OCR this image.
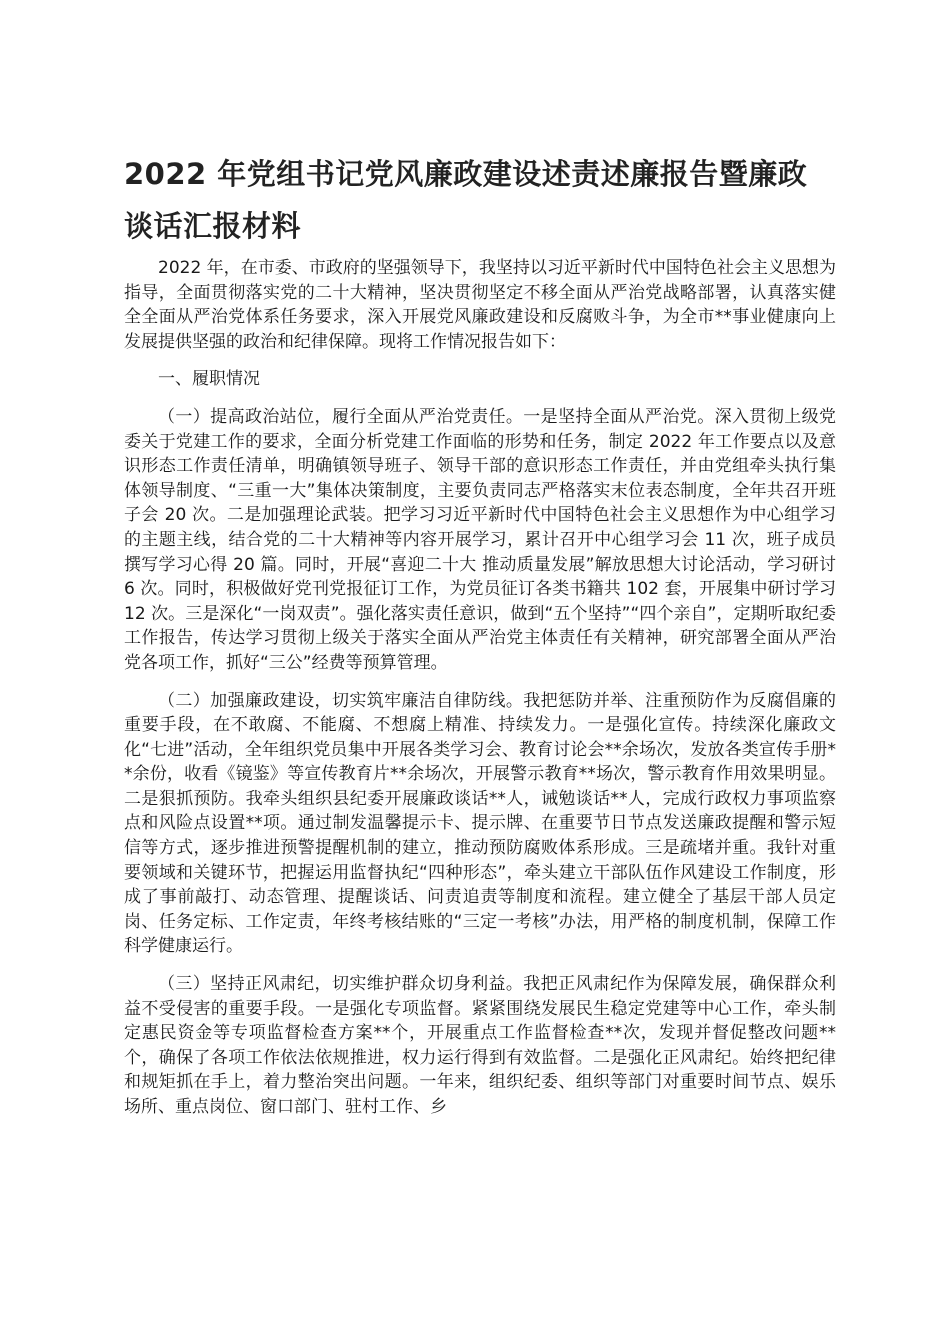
2022 年党组书记党风廉政建设述责述廉报告暨廉政谈话汇报材料

2022 年，在市委、市政府的坚强领导下，我坚持以习近平新时代中国特色社会主义思想为指导，全面贯彻落实党的二十大精神，坚决贯彻坚定不移全面从严治党战略部署，认真落实健全全面从严治党体系任务要求，深入开展党风廉政建设和反腐败斗争，为全市**事业健康向上发展提供坚强的政治和纪律保障。现将工作情况报告如下：

一、履职情况

（一）提高政治站位，履行全面从严治党责任。一是坚持全面从严治党。深入贯彻上级党委关于党建工作的要求，全面分析党建工作面临的形势和任务，制定 2022 年工作要点以及意识形态工作责任清单，明确镇领导班子、领导干部的意识形态工作责任，并由党组牵头执行集体领导制度、“三重一大”集体决策制度，主要负责同志严格落实末位表态制度，全年共召开班子会 20 次。二是加强理论武装。把学习习近平新时代中国特色社会主义思想作为中心组学习的主题主线，结合党的二十大精神等内容开展学习，累计召开中心组学习会 11 次，班子成员撰写学习心得 20 篇。同时，开展“喜迎二十大 推动质量发展”解放思想大讨论活动，学习研讨 6 次。同时，积极做好党刊党报征订工作，为党员征订各类书籍共 102 套，开展集中研讨学习 12 次。三是深化“一岗双责”。强化落实责任意识，做到“五个坚持”“四个亲自”，定期听取纪委工作报告，传达学习贯彻上级关于落实全面从严治党主体责任有关精神，研究部署全面从严治党各项工作，抓好“三公”经费等预算管理。

（二）加强廉政建设，切实筑牢廉洁自律防线。我把惩防并举、注重预防作为反腐倡廉的重要手段，在不敢腐、不能腐、不想腐上精准、持续发力。一是强化宣传。持续深化廉政文化“七进”活动，全年组织党员集中开展各类学习会、教育讨论会**余场次，发放各类宣传手册**余份，收看《镜鉴》等宣传教育片**余场次，开展警示教育**场次，警示教育作用效果明显。二是狠抓预防。我牵头组织县纪委开展廉政谈话**人，诫勉谈话**人，完成行政权力事项监察点和风险点设置**项。通过制发温馨提示卡、提示牌、在重要节日节点发送廉政提醒和警示短信等方式，逐步推进预警提醒机制的建立，推动预防腐败体系形成。三是疏堵并重。我针对重要领域和关键环节，把握运用监督执纪“四种形态”，牵头建立干部队伍作风建设工作制度，形成了事前敲打、动态管理、提醒谈话、问责追责等制度和流程。建立健全了基层干部人员定岗、任务定标、工作定责，年终考核结账的“三定一考核”办法，用严格的制度机制，保障工作科学健康运行。

（三）坚持正风肃纪，切实维护群众切身利益。我把正风肃纪作为保障发展，确保群众利益不受侵害的重要手段。一是强化专项监督。紧紧围绕发展民生稳定党建等中心工作，牵头制定惠民资金等专项监督检查方案**个，开展重点工作监督检查**次，发现并督促整改问题**个，确保了各项工作依法依规推进，权力运行得到有效监督。二是强化正风肃纪。始终把纪律和规矩抓在手上，着力整治突出问题。一年来，组织纪委、组织等部门对重要时间节点、娱乐场所、重点岗位、窗口部门、驻村工作、乡
